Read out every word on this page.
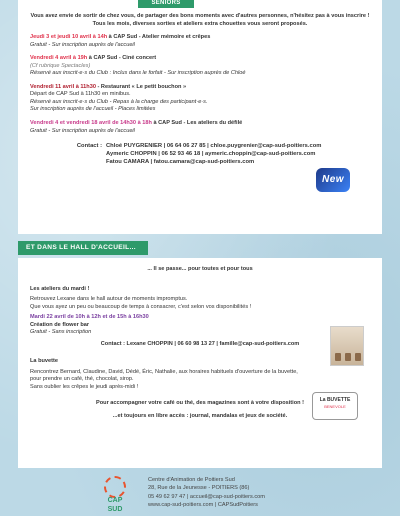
SENIORS

Vous avez envie de sortir de chez vous, de partager des bons moments avec d'autres personnes, n'hésitez pas à vous inscrire !

Tous les mois, diverses sorties et ateliers extra chouettes vous seront proposés.

Jeudi 3 et jeudi 10 avril à 14h à CAP Sud - Atelier mémoire et crêpes

Gratuit - Sur inscription auprès de l'accueil

Vendredi 4 avril à 19h à CAP Sud - Ciné concert

(Cf rubrique Spectacles)

Réservé aux inscrit·e·s du Club : Inclus dans le forfait - Sur inscription auprès de Chloé

Vendredi 11 avril à 11h30 - Restaurant « Le petit bouchon »

Départ de CAP Sud à 11h30 en minibus.

Réservé aux inscrit·e·s du Club - Repas à la charge des participant·e·s.

Sur inscription auprès de l'accueil - Places limitées

Vendredi 4 et vendredi 18 avril de 14h30 à 18h à CAP Sud - Les ateliers du défilé

Gratuit - Sur inscription auprès de l'accueil

New
Contact : Chloé PUYGRENIER | 06 64 06 27 85 | chloe.puygrenier@cap-sud-poitiers.com

Aymeric CHOPPIN | 06 52 93 46 18 | aymeric.choppin@cap-sud-poitiers.com

Fatou CAMARA | fatou.camara@cap-sud-poitiers.com

ET DANS LE HALL D'ACCUEIL...

... Il se passe... pour toutes et pour tous

Les ateliers du mardi !

Retrouvez Lexane dans le hall autour de moments impromptus.

Que vous ayez un peu ou beaucoup de temps à consacrer, c'est selon vos disponibilités !

Mardi 22 avril de 10h à 12h et de 15h à 16h30

Création de flower bar

Gratuit - Sans inscription

Contact : Lexane CHOPPIN | 06 60 98 13 27 | famille@cap-sud-poitiers.com

La buvette

Rencontrez Bernard, Claudine, David, Dédé, Éric, Nathalie, aux horaires habituels d'ouverture de la buvette, pour prendre un café, thé, chocolat, sirop.

Sans oublier les crêpes le jeudi après-midi !

La BUVETTE
BENEVOLE

Pour accompagner votre café ou thé, des magazines sont à votre disposition !

...et toujours en libre accès : journal, mandalas et jeux de société.

CAP SUD

Centre d'Animation de Poitiers Sud

28, Rue de la Jeunesse - POITIERS (86)

05 49 62 97 47 | accueil@cap-sud-poitiers.com

www.cap-sud-poitiers.com | CAPSudPoitiers
